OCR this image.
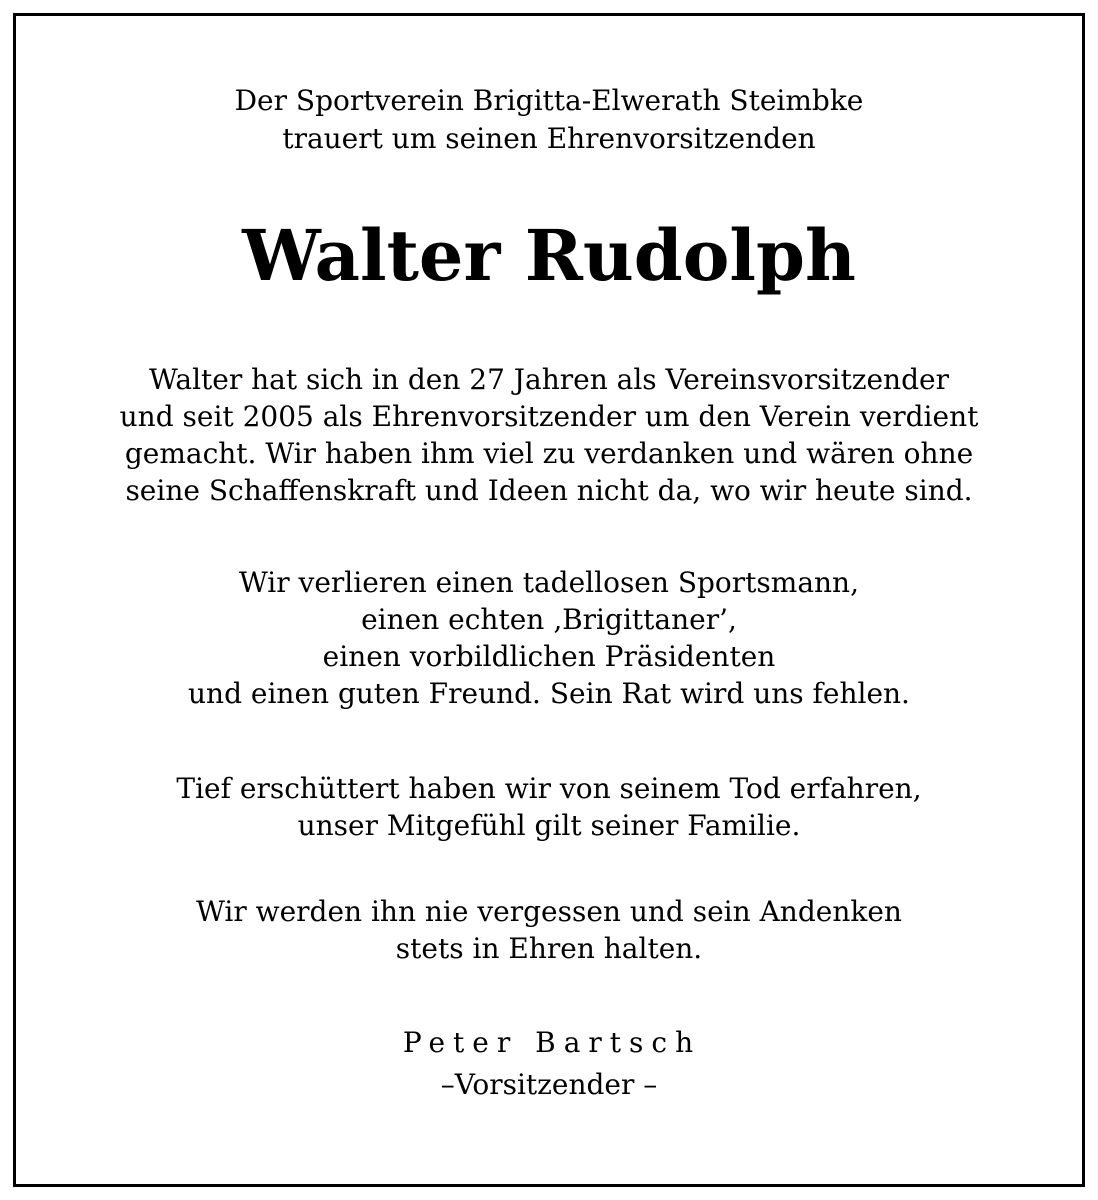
Der Sportverein Brigitta-Elwerath Steimbke
trauert um seinen Ehrenvorsitzenden
Walter Rudolph
Walter hat sich in den 27 Jahren als Vereinsvorsitzender
und seit 2005 als Ehrenvorsitzender um den Verein verdient
gemacht. Wir haben ihm viel zu verdanken und wären ohne
seine Schaffenskraft und Ideen nicht da, wo wir heute sind.
Wir verlieren einen tadellosen Sportsmann,
einen echten ‚Brigittaner’,
einen vorbildlichen Präsidenten
und einen guten Freund. Sein Rat wird uns fehlen.
Tief erschüttert haben wir von seinem Tod erfahren,
unser Mitgefühl gilt seiner Familie.
Wir werden ihn nie vergessen und sein Andenken
stets in Ehren halten.
Peter Bartsch
–Vorsitzender –
